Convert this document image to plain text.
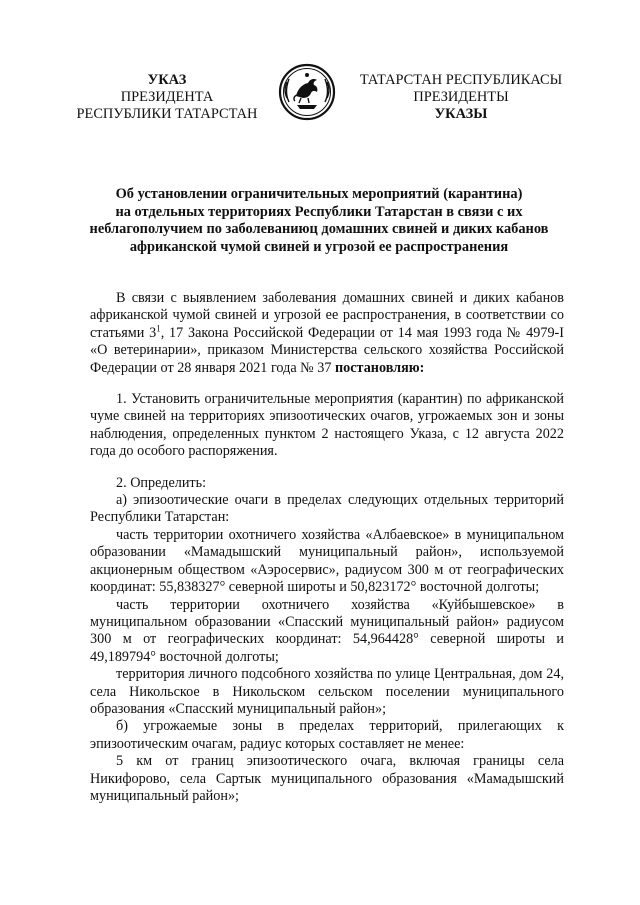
УКАЗ
ПРЕЗИДЕНТА
РЕСПУБЛИКИ ТАТАРСТАН
ТАТАРСТАН РЕСПУБЛИКАСЫ
ПРЕЗИДЕНТЫ
УКАЗЫ
Об установлении ограничительных мероприятий (карантина)
на отдельных территориях Республики Татарстан в связи с их
неблагополучием по заболеваниюц домашних свиней и диких кабанов
африканской чумой свиней и угрозой ее распространения

В связи с выявлением заболевания домашних свиней и диких кабанов африканской чумой свиней и угрозой ее распространения, в соответствии со статьями $3^1$, 17 Закона Российской Федерации от 14 мая 1993 года № 4979-I «О ветеринарии», приказом Министерства сельского хозяйства Российской Федерации от 28 января 2021 года № 37 постановляю:

1. Установить ограничительные мероприятия (карантин) по африканской чуме свиней на территориях эпизоотических очагов, угрожаемых зон и зоны наблюдения, определенных пунктом 2 настоящего Указа, с 12 августа 2022 года до особого распоряжения.

2. Определить:

а) эпизоотические очаги в пределах следующих отдельных территорий Республики Татарстан:

часть территории охотничего хозяйства «Албаевское» в муниципальном образовании «Мамадышский муниципальный район», используемой акционерным обществом «Аэросервис», радиусом 300 м от географических координат: 55,838327° северной широты и 50,823172° восточной долготы;

часть территории охотничего хозяйства «Куйбышевское» в муниципальном образовании «Спасский муниципальный район» радиусом 300 м от географических координат: 54,964428° северной широты и 49,189794° восточной долготы;

территория личного подсобного хозяйства по улице Центральная, дом 24, села Никольское в Никольском сельском поселении муниципального образования «Спасский муниципальный район»;

б) угрожаемые зоны в пределах территорий, прилегающих к эпизоотическим очагам, радиус которых составляет не менее:

5 км от границ эпизоотического очага, включая границы села Никифорово, села Сартык муниципального образования «Мамадышский муниципальный район»;
